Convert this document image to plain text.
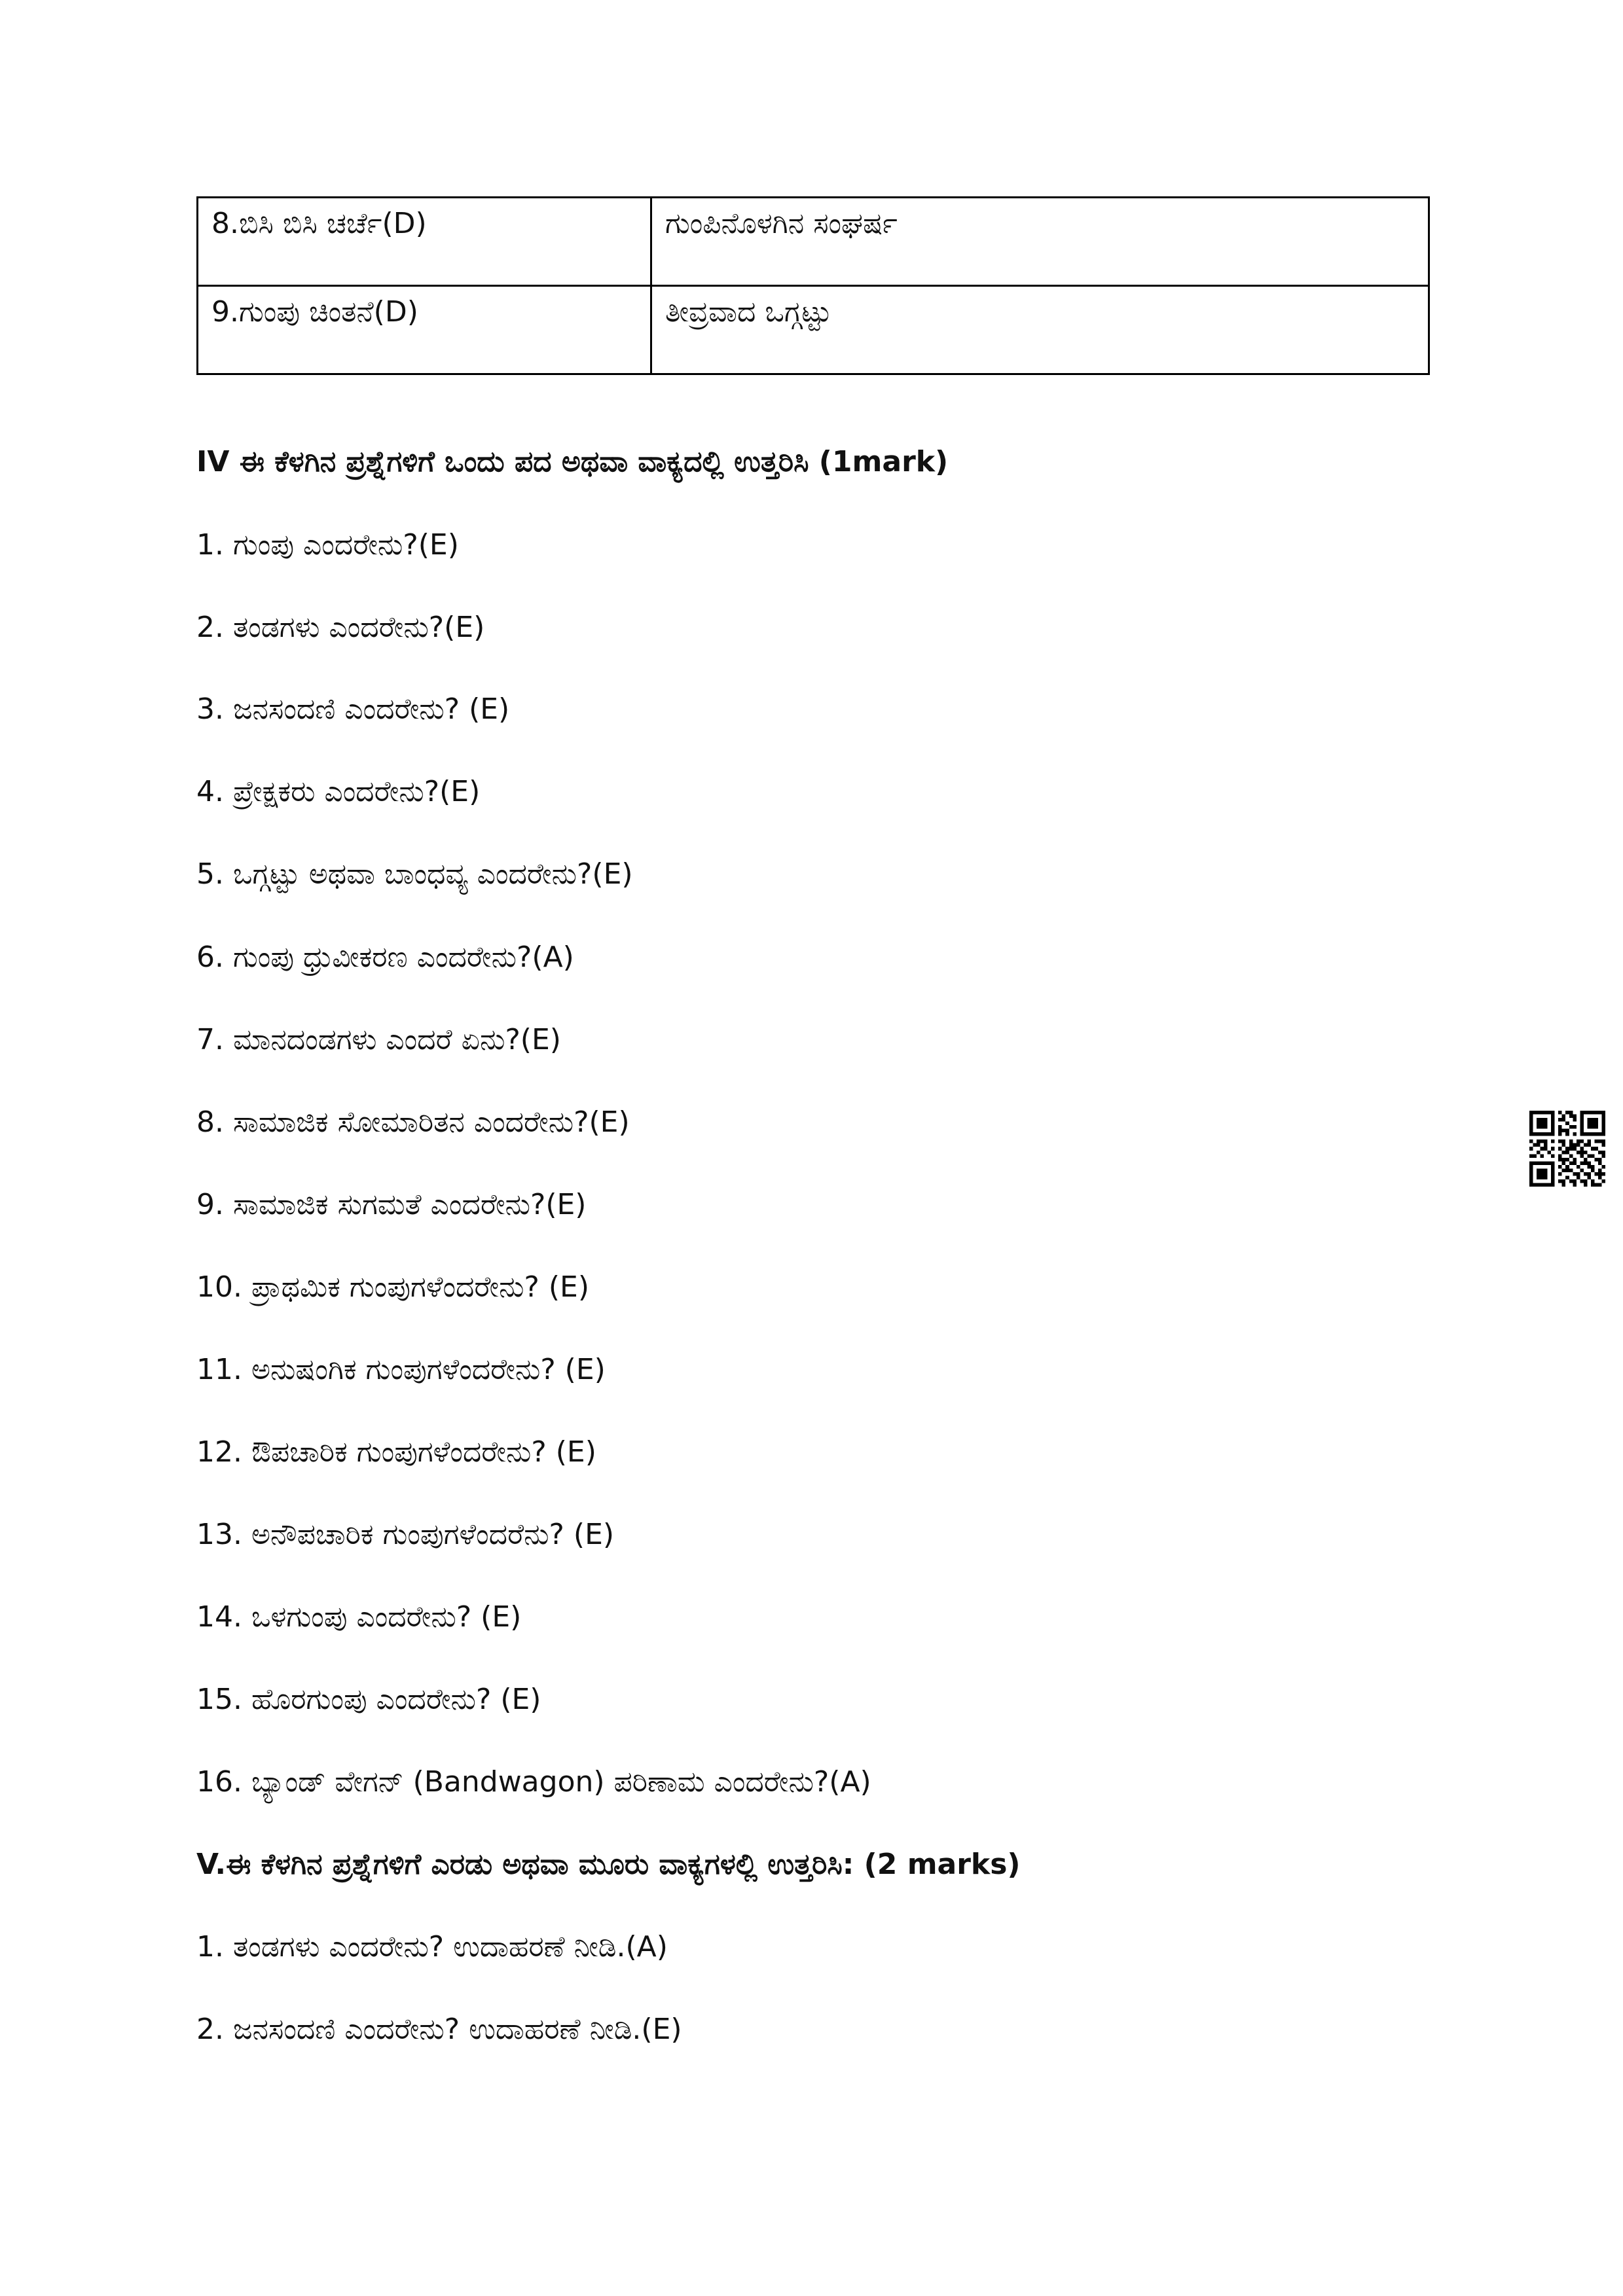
8.ಬಿಸಿ ಬಿಸಿ ಚರ್ಚೆ(D)	ಗುಂಪಿನೊಳಗಿನ ಸಂಘರ್ಷ
9.ಗುಂಪು ಚಿಂತನೆ(D)	ತೀವ್ರವಾದ ಒಗ್ಗಟ್ಟು

IV ಈ ಕೆಳಗಿನ ಪ್ರಶ್ನೆಗಳಿಗೆ ಒಂದು ಪದ ಅಥವಾ ವಾಕ್ಯದಲ್ಲಿ ಉತ್ತರಿಸಿ (1mark)

1. ಗುಂಪು ಎಂದರೇನು?(E)

2. ತಂಡಗಳು ಎಂದರೇನು?(E)

3. ಜನಸಂದಣಿ ಎಂದರೇನು? (E)

4. ಪ್ರೇಕ್ಷಕರು ಎಂದರೇನು?(E)

5. ಒಗ್ಗಟ್ಟು ಅಥವಾ ಬಾಂಧವ್ಯ ಎಂದರೇನು?(E)

6. ಗುಂಪು ಧ್ರುವೀಕರಣ ಎಂದರೇನು?(A)

7. ಮಾನದಂಡಗಳು ಎಂದರೆ ಏನು?(E)

8. ಸಾಮಾಜಿಕ ಸೋಮಾರಿತನ ಎಂದರೇನು?(E)

9. ಸಾಮಾಜಿಕ ಸುಗಮತೆ ಎಂದರೇನು?(E)

10. ಪ್ರಾಥಮಿಕ ಗುಂಪುಗಳೆಂದರೇನು? (E)

11. ಅನುಷಂಗಿಕ ಗುಂಪುಗಳೆಂದರೇನು? (E)

12. ಔಪಚಾರಿಕ ಗುಂಪುಗಳೆಂದರೇನು? (E)

13. ಅನೌಪಚಾರಿಕ ಗುಂಪುಗಳೆಂದರೆನು? (E)

14. ಒಳಗುಂಪು ಎಂದರೇನು? (E)

15. ಹೊರಗುಂಪು ಎಂದರೇನು? (E)

16. ಬ್ಯಾಂಡ್ ವೇಗನ್ (Bandwagon) ಪರಿಣಾಮ ಎಂದರೇನು?(A)

V.ಈ ಕೆಳಗಿನ ಪ್ರಶ್ನೆಗಳಿಗೆ ಎರಡು ಅಥವಾ ಮೂರು ವಾಕ್ಯಗಳಲ್ಲಿ ಉತ್ತರಿಸಿ: (2 marks)

1. ತಂಡಗಳು ಎಂದರೇನು? ಉದಾಹರಣೆ ನೀಡಿ.(A)

2. ಜನಸಂದಣಿ ಎಂದರೇನು? ಉದಾಹರಣೆ ನೀಡಿ.(E)
